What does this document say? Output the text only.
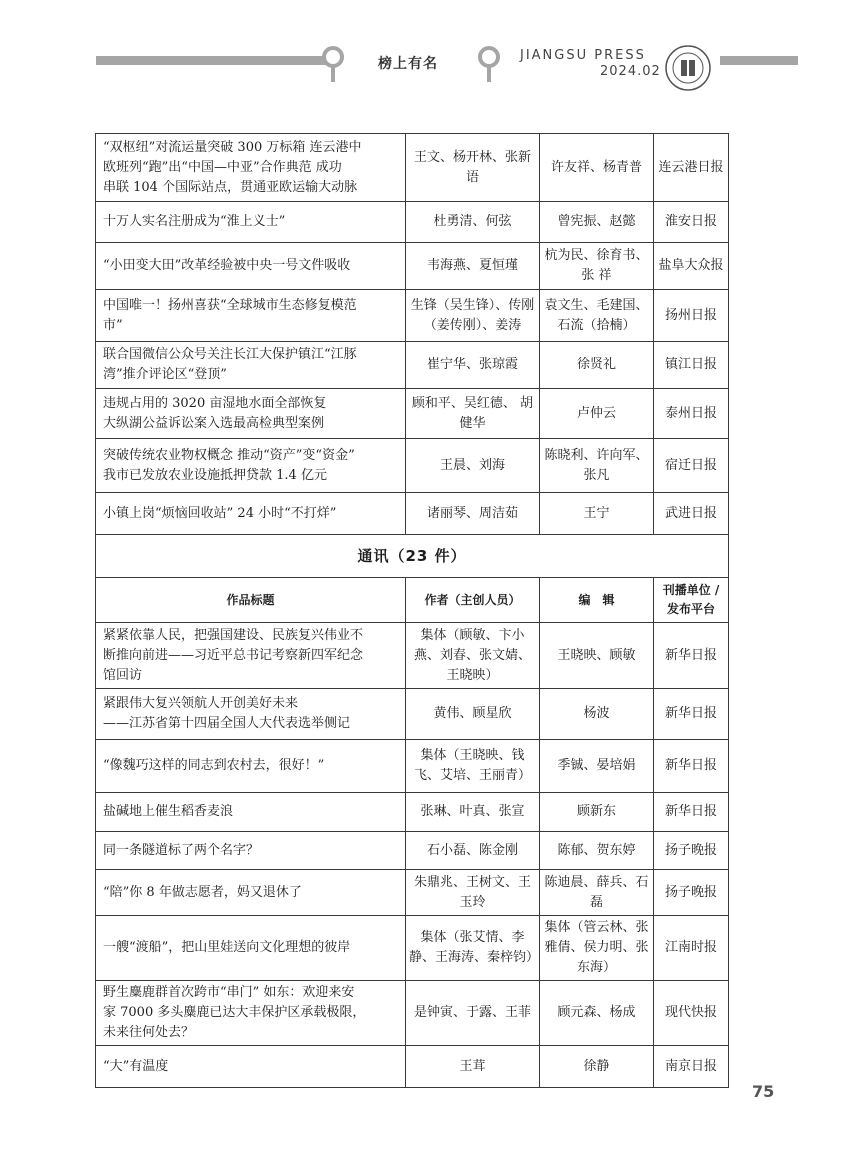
榜上有名
JIANGSU PRESS
2024.02
“双枢纽”对流运量突破 300 万标箱 连云港中
欧班列“跑”出“中国—中亚”合作典范 成功
串联 104 个国际站点，贯通亚欧运输大动脉	王文、杨开林、张新语	许友祥、杨青普	连云港日报
十万人实名注册成为“淮上义士”	杜勇清、何弦	曾宪振、赵懿	淮安日报
“小田变大田”改革经验被中央一号文件吸收	韦海燕、夏恒瑾	杭为民、徐育书、张 祥	盐阜大众报
中国唯一！扬州喜获“全球城市生态修复模范
市”	生锋（吴生锋）、传刚（姜传刚）、姜涛	袁文生、毛建国、石流（拾楠）	扬州日报
联合国微信公众号关注长江大保护镇江“江豚
湾”推介评论区“登顶”	崔宁华、张琼霞	徐贤礼	镇江日报
违规占用的 3020 亩湿地水面全部恢复
大纵湖公益诉讼案入选最高检典型案例	顾和平、吴红德、 胡健华	卢仲云	泰州日报
突破传统农业物权概念 推动“资产”变“资金”
我市已发放农业设施抵押贷款 1.4 亿元	王晨、刘海	陈晓利、许向军、张凡	宿迁日报
小镇上岗“烦恼回收站” 24 小时“不打烊”	诸丽琴、周洁茹	王宁	武进日报
通讯（23 件）			
作品标题	作者（主创人员）	编　辑	刊播单位 /
发布平台
紧紧依靠人民，把强国建设、民族复兴伟业不
断推向前进——习近平总书记考察新四军纪念
馆回访	集体（顾敏、卞小燕、刘春、张文婧、王晓映）	王晓映、顾敏	新华日报
紧跟伟大复兴领航人开创美好未来
——江苏省第十四届全国人大代表选举侧记	黄伟、顾星欣	杨波	新华日报
“像魏巧这样的同志到农村去，很好！”	集体（王晓映、钱飞、艾培、王丽青）	季铖、晏培娟	新华日报
盐碱地上催生稻香麦浪	张琳、叶真、张宣	顾新东	新华日报
同一条隧道标了两个名字？	石小磊、陈金刚	陈郁、贺东婷	扬子晚报
“陪”你 8 年做志愿者，妈又退休了	朱鼎兆、王树文、王玉玲	陈迪晨、薛兵、石磊	扬子晚报
一艘“渡船”，把山里娃送向文化理想的彼岸	集体（张艾情、李静、王海涛、秦梓钧）	集体（管云林、张雅倩、侯力明、张东海）	江南时报
野生麋鹿群首次跨市“串门” 如东：欢迎来安
家 7000 多头麋鹿已达大丰保护区承载极限，
未来往何处去？	是钟寅、于露、王菲	顾元森、杨成	现代快报
“大”有温度	王茸	徐静	南京日报
75
